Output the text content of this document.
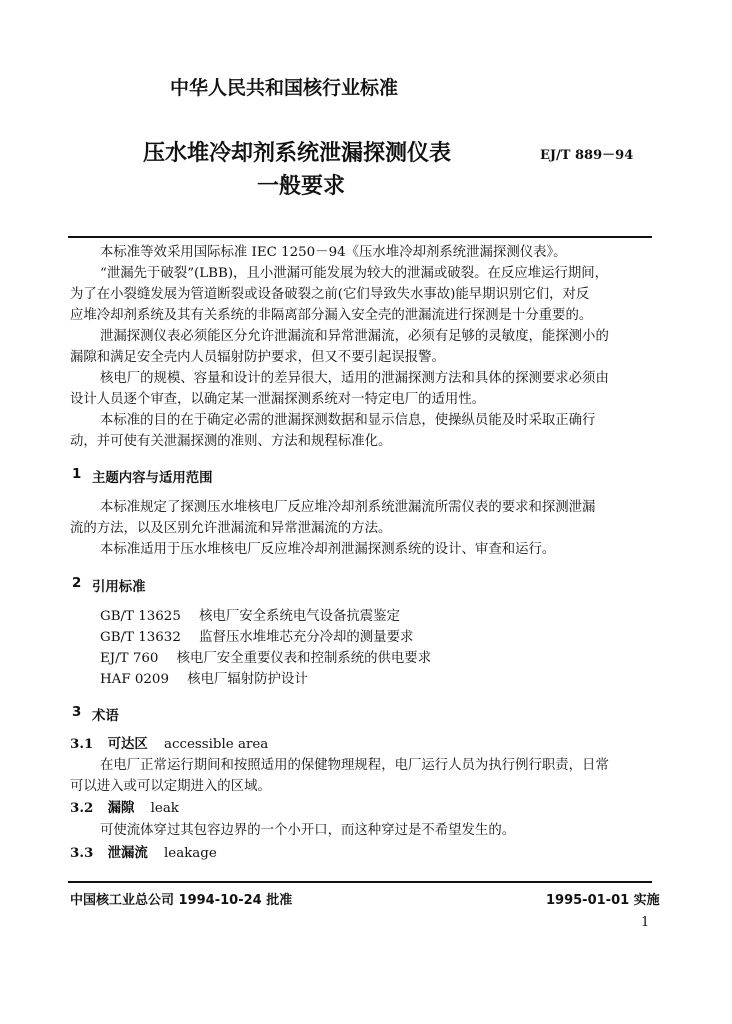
中华人民共和国核行业标准
压水堆冷却剂系统泄漏探测仪表
一般要求
EJ/T 889－94
本标准等效采用国际标准 IEC 1250－94《压水堆冷却剂系统泄漏探测仪表》。
“泄漏先于破裂”(LBB)，且小泄漏可能发展为较大的泄漏或破裂。在反应堆运行期间，
为了在小裂缝发展为管道断裂或设备破裂之前(它们导致失水事故)能早期识别它们，对反
应堆冷却剂系统及其有关系统的非隔离部分漏入安全壳的泄漏流进行探测是十分重要的。
泄漏探测仪表必须能区分允许泄漏流和异常泄漏流，必须有足够的灵敏度，能探测小的
漏隙和满足安全壳内人员辐射防护要求，但又不要引起误报警。
核电厂的规模、容量和设计的差异很大，适用的泄漏探测方法和具体的探测要求必须由
设计人员逐个审查，以确定某一泄漏探测系统对一特定电厂的适用性。
本标准的目的在于确定必需的泄漏探测数据和显示信息，使操纵员能及时采取正确行
动，并可使有关泄漏探测的准则、方法和规程标准化。
1 主题内容与适用范围
本标准规定了探测压水堆核电厂反应堆冷却剂系统泄漏流所需仪表的要求和探测泄漏
流的方法，以及区别允许泄漏流和异常泄漏流的方法。
本标准适用于压水堆核电厂反应堆冷却剂泄漏探测系统的设计、审查和运行。
2 引用标准
GB/T 13625 核电厂安全系统电气设备抗震鉴定
GB/T 13632 监督压水堆堆芯充分冷却的测量要求
EJ/T 760 核电厂安全重要仪表和控制系统的供电要求
HAF 0209 核电厂辐射防护设计
3 术语
3.1 可达区 accessible area
在电厂正常运行期间和按照适用的保健物理规程，电厂运行人员为执行例行职责，日常
可以进入或可以定期进入的区域。
3.2 漏隙 leak
可使流体穿过其包容边界的一个小开口，而这种穿过是不希望发生的。
3.3 泄漏流 leakage
中国核工业总公司 1994-10-24 批准	1995-01-01 实施
1
